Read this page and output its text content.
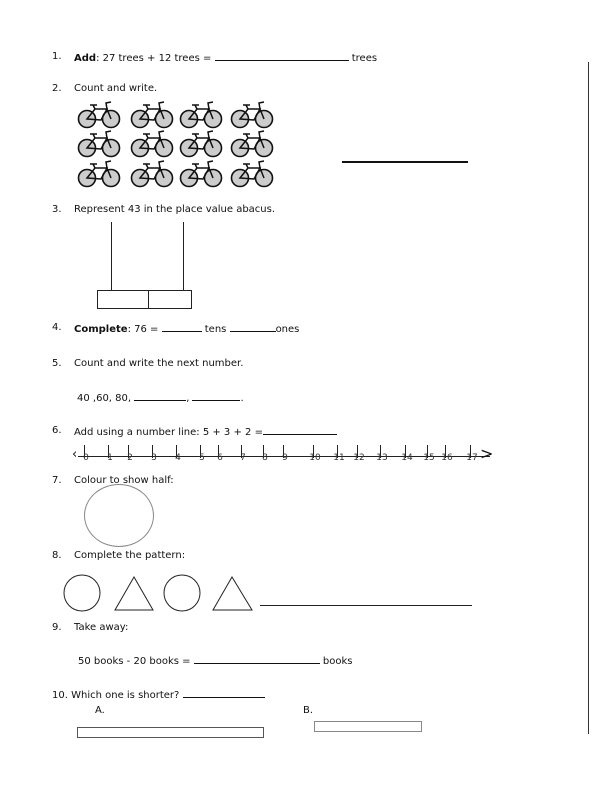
1.	Add: 27 trees + 12 trees =	trees
2.	Count and write.
3.	Represent 43 in the place value abacus.
4.	Complete: 76 =	tens	ones
5.	Count and write the next number.
40 ,60, 80,	,	.
6.	Add using a number line: 5 + 3 + 2 =
‹	>
0	1	2	3	4	5	6	7	8	9	10 11 12 13 14 15 16 17
7.	Colour to show half:
8.	Complete the pattern:
9.	Take away:
50 books - 20 books =	books
10. Which one is shorter?
A.	B.
